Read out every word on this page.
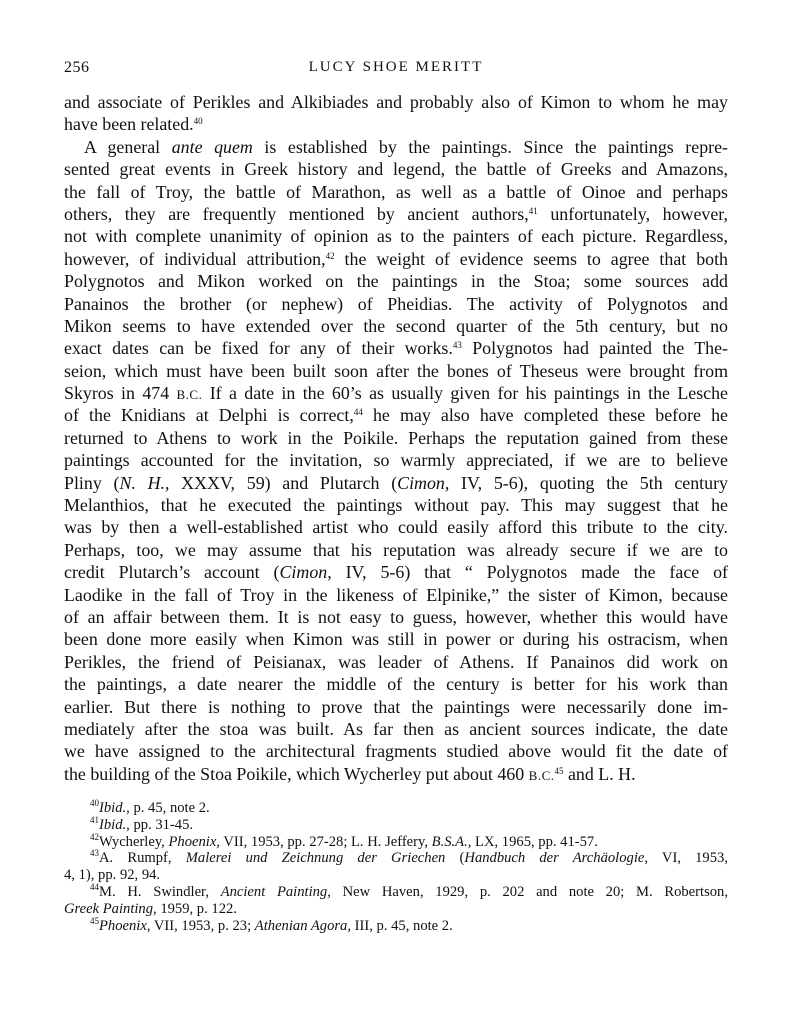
256	LUCY SHOE MERITT
and associate of Perikles and Alkibiades and probably also of Kimon to whom he may
have been related.$^{40}$
A general ante quem is established by the paintings. Since the paintings repre-
sented great events in Greek history and legend, the battle of Greeks and Amazons,
the fall of Troy, the battle of Marathon, as well as a battle of Oinoe and perhaps
others, they are frequently mentioned by ancient authors,$^{41}$ unfortunately, however,
not with complete unanimity of opinion as to the painters of each picture. Regardless,
however, of individual attribution,$^{42}$ the weight of evidence seems to agree that both
Polygnotos and Mikon worked on the paintings in the Stoa; some sources add
Panainos the brother (or nephew) of Pheidias. The activity of Polygnotos and
Mikon seems to have extended over the second quarter of the 5th century, but no
exact dates can be fixed for any of their works.$^{43}$ Polygnotos had painted the The-
seion, which must have been built soon after the bones of Theseus were brought from
Skyros in 474 B.C. If a date in the 60’s as usually given for his paintings in the Lesche
of the Knidians at Delphi is correct,$^{44}$ he may also have completed these before he
returned to Athens to work in the Poikile. Perhaps the reputation gained from these
paintings accounted for the invitation, so warmly appreciated, if we are to believe
Pliny (N. H., XXXV, 59) and Plutarch (Cimon, IV, 5-6), quoting the 5th century
Melanthios, that he executed the paintings without pay. This may suggest that he
was by then a well-established artist who could easily afford this tribute to the city.
Perhaps, too, we may assume that his reputation was already secure if we are to
credit Plutarch’s account (Cimon, IV, 5-6) that “ Polygnotos made the face of
Laodike in the fall of Troy in the likeness of Elpinike,” the sister of Kimon, because
of an affair between them. It is not easy to guess, however, whether this would have
been done more easily when Kimon was still in power or during his ostracism, when
Perikles, the friend of Peisianax, was leader of Athens. If Panainos did work on
the paintings, a date nearer the middle of the century is better for his work than
earlier. But there is nothing to prove that the paintings were necessarily done im-
mediately after the stoa was built. As far then as ancient sources indicate, the date
we have assigned to the architectural fragments studied above would fit the date of
the building of the Stoa Poikile, which Wycherley put about 460 B.C.$^{45}$ and L. H.
$^{40}$Ibid., p. 45, note 2.
$^{41}$Ibid., pp. 31-45.
$^{42}$Wycherley, Phoenix, VII, 1953, pp. 27-28; L. H. Jeffery, B.S.A., LX, 1965, pp. 41-57.
$^{43}$A. Rumpf, Malerei und Zeichnung der Griechen (Handbuch der Archäologie, VI, 1953,
4, 1), pp. 92, 94.
$^{44}$M. H. Swindler, Ancient Painting, New Haven, 1929, p. 202 and note 20; M. Robertson,
Greek Painting, 1959, p. 122.
$^{45}$Phoenix, VII, 1953, p. 23; Athenian Agora, III, p. 45, note 2.
